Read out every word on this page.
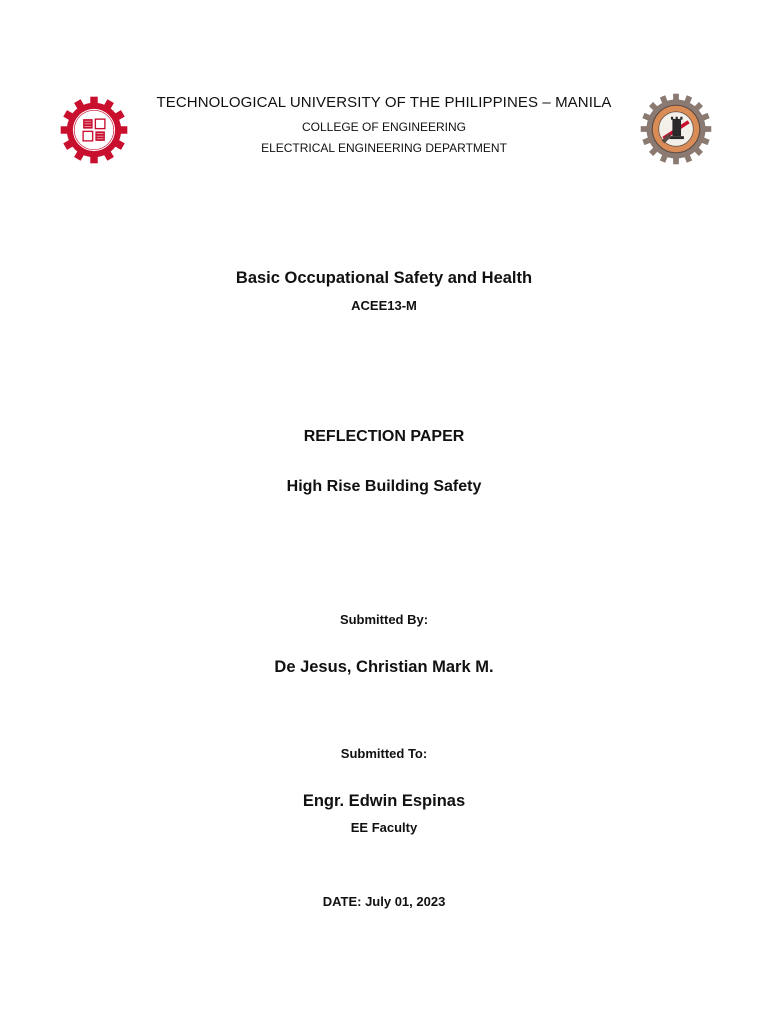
TECHNOLOGICAL UNIVERSITY OF THE PHILIPPINES – MANILA
COLLEGE OF ENGINEERING
ELECTRICAL ENGINEERING DEPARTMENT
Basic Occupational Safety and Health
ACEE13-M
REFLECTION PAPER
High Rise Building Safety
Submitted By:
De Jesus, Christian Mark M.
Submitted To:
Engr. Edwin Espinas
EE Faculty
DATE: July 01, 2023
